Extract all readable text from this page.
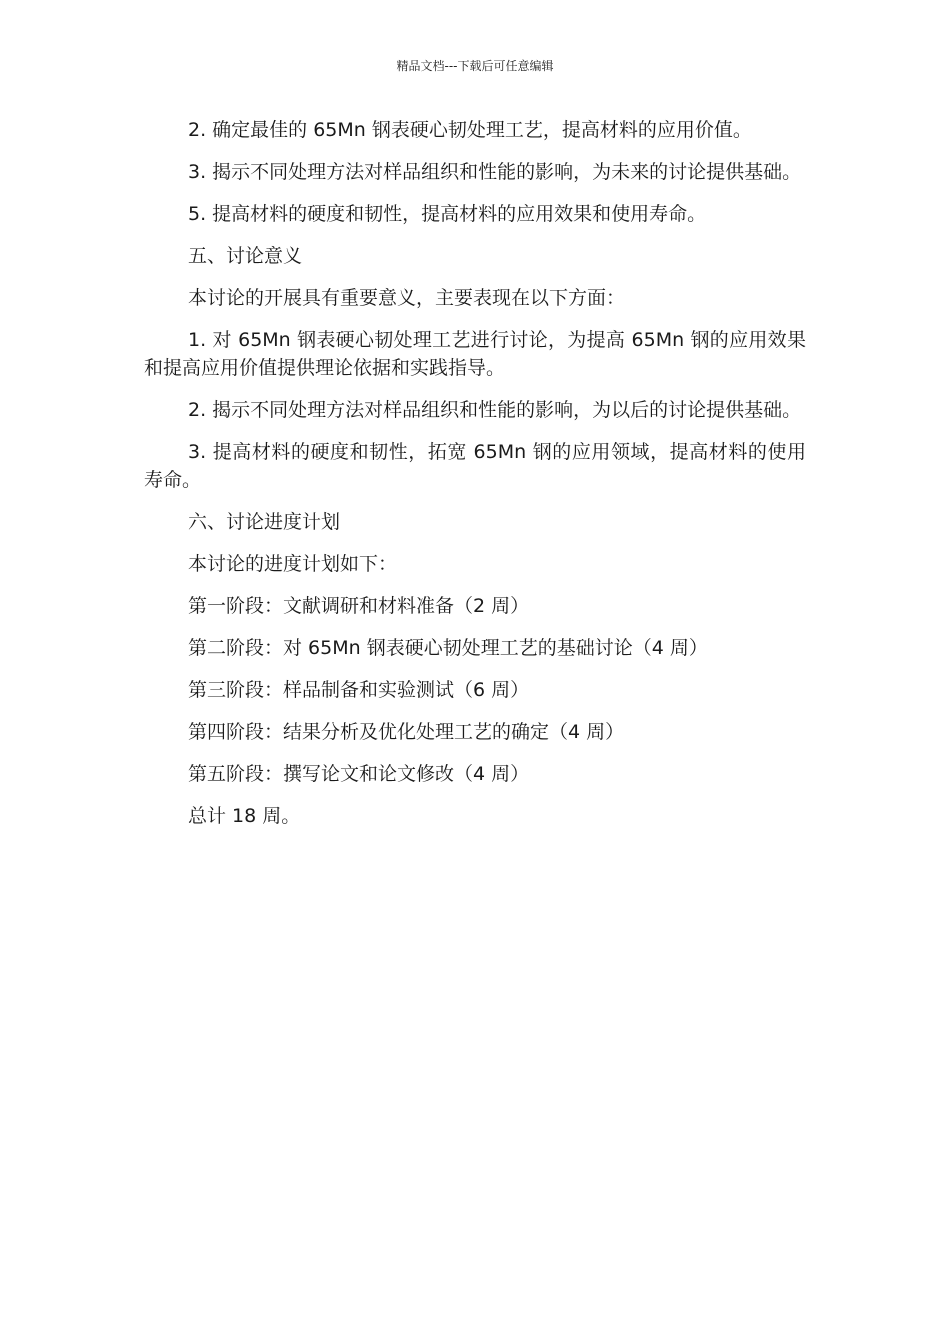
精品文档---下载后可任意编辑

2. 确定最佳的 65Mn 钢表硬心韧处理工艺，提高材料的应用价值。

3. 揭示不同处理方法对样品组织和性能的影响，为未来的讨论提供基础。

5. 提高材料的硬度和韧性，提高材料的应用效果和使用寿命。

五、讨论意义

本讨论的开展具有重要意义，主要表现在以下方面：

1. 对 65Mn 钢表硬心韧处理工艺进行讨论，为提高 65Mn 钢的应用效果和提高应用价值提供理论依据和实践指导。

2. 揭示不同处理方法对样品组织和性能的影响，为以后的讨论提供基础。

3. 提高材料的硬度和韧性，拓宽 65Mn 钢的应用领域，提高材料的使用寿命。

六、讨论进度计划

本讨论的进度计划如下：

第一阶段：文献调研和材料准备（2 周）

第二阶段：对 65Mn 钢表硬心韧处理工艺的基础讨论（4 周）

第三阶段：样品制备和实验测试（6 周）

第四阶段：结果分析及优化处理工艺的确定（4 周）

第五阶段：撰写论文和论文修改（4 周）

总计 18 周。
